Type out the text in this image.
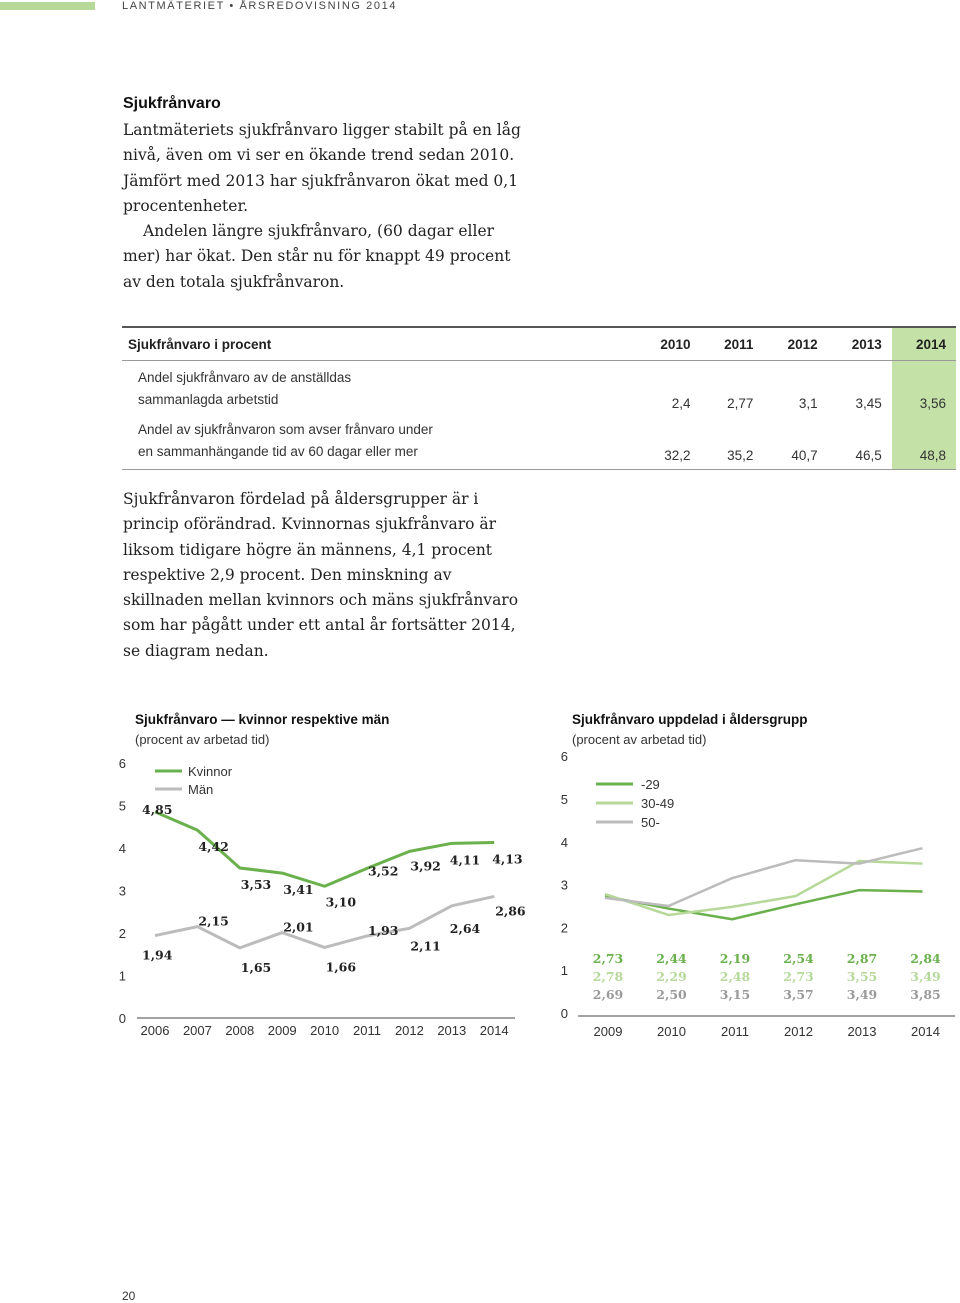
LANTMÄTERIET • ÅRSREDOVISNING 2014
Sjukfrånvaro

Lantmäteriets sjukfrånvaro ligger stabilt på en låg nivå, även om vi ser en ökande trend sedan 2010. Jämfört med 2013 har sjukfrånvaron ökat med 0,1 procentenheter.

Andelen längre sjukfrånvaro, (60 dagar eller mer) har ökat. Den står nu för knappt 49 procent av den totala sjukfrånvaron.

Sjukfrånvaro i procent	2010	2011	2012	2013	2014

Andel sjukfrånvaro av de anställdas
sammanlagda arbetstid	2,4	2,77	3,1	3,45	3,56

Andel av sjukfrånvaron som avser frånvaro under
en sammanhängande tid av 60 dagar eller mer	32,2	35,2	40,7	46,5	48,8

Sjukfrånvaron fördelad på åldersgrupper är i princip oförändrad. Kvinnornas sjukfrånvaro är liksom tidigare högre än männens, 4,1 procent respektive 2,9 procent. Den minskning av skillnaden mellan kvinnors och mäns sjukfrånvaro som har pågått under ett antal år fortsätter 2014, se diagram nedan.

Sjukfrånvaro — kvinnor respektive män
(procent av arbetad tid)
Sjukfrånvaro uppdelad i åldersgrupp
(procent av arbetad tid)
0
1
2
3
4
5
6
2006 2007 2008 2009 2010 2011 2012 2013 2014
4,85
4,42
3,53 3,41
3,10
3,52 3,92 4,11 4,13
1,94
2,15
1,65
2,01
1,66
1,93
2,11
2,64
2,86
Kvinnor
Män
0
1
2
3
4
5
6
2009	2010	2011	2012	2013	2014
2,73	2,44	2,19	2,54	2,87	2,84
2,78	2,29	2,48	2,73	3,55	3,49
2,69	2,50	3,15	3,57	3,49	3,85
-29
30-49
50-
20
